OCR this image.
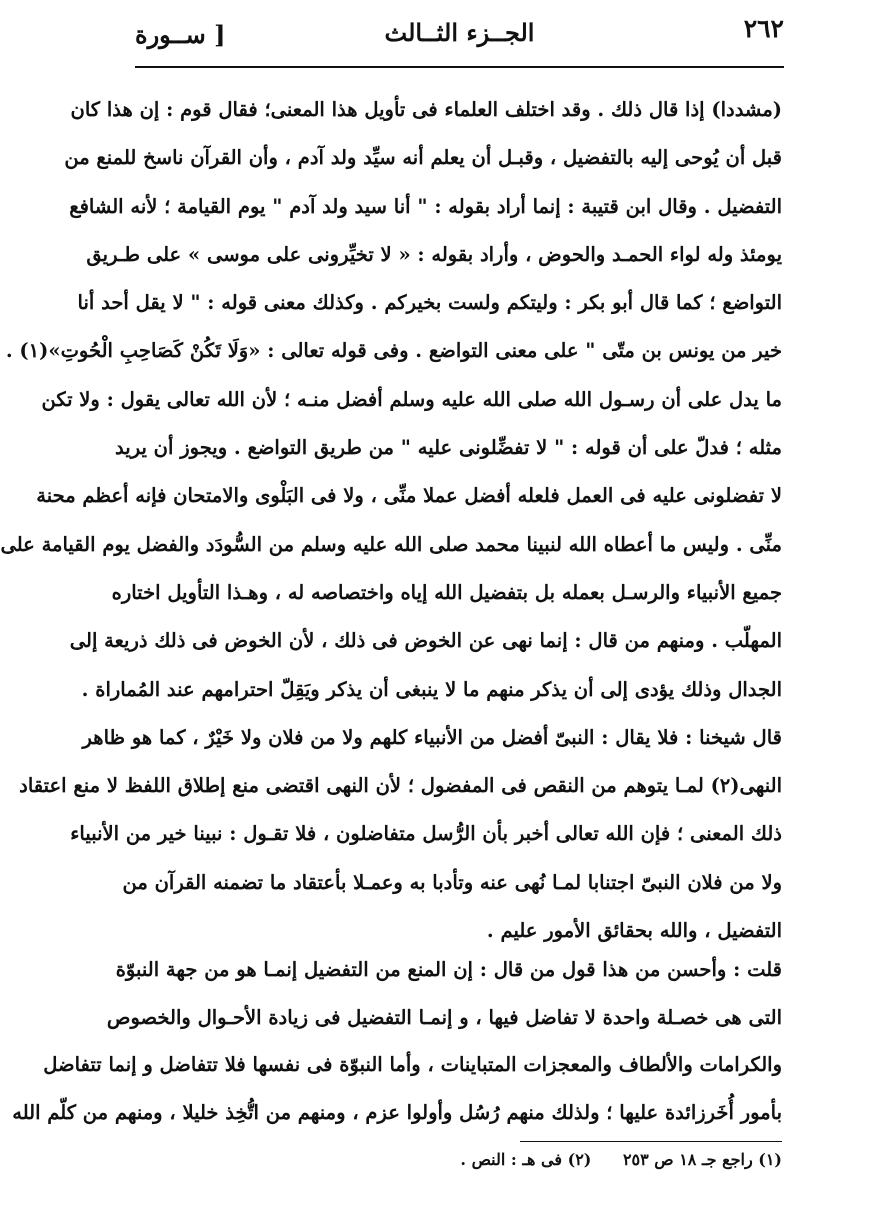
٢٦٢
الجــزء الثــالث
[ ســورة
(مشددا) إذا قال ذلك . وقد اختلف العلماء فى تأويل هذا المعنى؛ فقال قوم : إن هذا كان
قبل أن يُوحى إليه بالتفضيل ، وقبـل أن يعلم أنه سيِّد ولد آدم ، وأن القرآن ناسخ للمنع من
التفضيل . وقال ابن قتيبة : إنما أراد بقوله : " أنا سيد ولد آدم " يوم القيامة ؛ لأنه الشافع
يومئذ وله لواء الحمـد والحوض ، وأراد بقوله : « لا تخيِّرونى على موسى » على طـريق
التواضع ؛ كما قال أبو بكر : وليتكم ولست بخيركم . وكذلك معنى قوله : " لا يقل أحد أنا
خير من يونس بن متّى " على معنى التواضع . وفى قوله تعالى : «وَلَا تَكُنْ كَصَاحِبِ الْحُوتِ»(١) .
ما يدل على أن رسـول الله صلى الله عليه وسلم أفضل منـه ؛ لأن الله تعالى يقول : ولا تكن
مثله ؛ فدلّ على أن قوله : " لا تفضِّلونى عليه " من طريق التواضع . ويجوز أن يريد
لا تفضلونى عليه فى العمل فلعله أفضل عملا منِّى ، ولا فى البَلْوى والامتحان فإنه أعظم محنة
منِّى . وليس ما أعطاه الله لنبينا محمد صلى الله عليه وسلم من السُّودَد والفضل يوم القيامة على
جميع الأنبياء والرسـل بعمله بل بتفضيل الله إياه واختصاصه له ، وهـذا التأويل اختاره
المهلّب . ومنهم من قال : إنما نهى عن الخوض فى ذلك ، لأن الخوض فى ذلك ذريعة إلى
الجدال وذلك يؤدى إلى أن يذكر منهم ما لا ينبغى أن يذكر ويَقِلّ احترامهم عند المُماراة .
قال شيخنا : فلا يقال : النبىّ أفضل من الأنبياء كلهم ولا من فلان ولا خَيْرٌ ، كما هو ظاهر
النهى(٢) لمـا يتوهم من النقص فى المفضول ؛ لأن النهى اقتضى منع إطلاق اللفظ لا منع اعتقاد
ذلك المعنى ؛ فإن الله تعالى أخبر بأن الرُّسل متفاضلون ، فلا تقـول : نبينا خير من الأنبياء
ولا من فلان النبىّ اجتنابا لمـا نُهى عنه وتأدبا به وعمـلا بأعتقاد ما تضمنه القرآن من
التفضيل ، والله بحقائق الأمور عليم .
قلت : وأحسن من هذا قول من قال : إن المنع من التفضيل إنمـا هو من جهة النبوّة
التى هى خصـلة واحدة لا تفاضل فيها ، و إنمـا التفضيل فى زيادة الأحـوال والخصوص
والكرامات والألطاف والمعجزات المتباينات ، وأما النبوّة فى نفسها فلا تتفاضل و إنما تتفاضل
بأمور أُخَرزائدة عليها ؛ ولذلك منهم رُسُل وأولوا عزم ، ومنهم من اتُّخِذ خليلا ، ومنهم من كلّم الله
(١) راجع جـ ١٨ ص ٢٥٣ (٢) فى هـ : النص .
